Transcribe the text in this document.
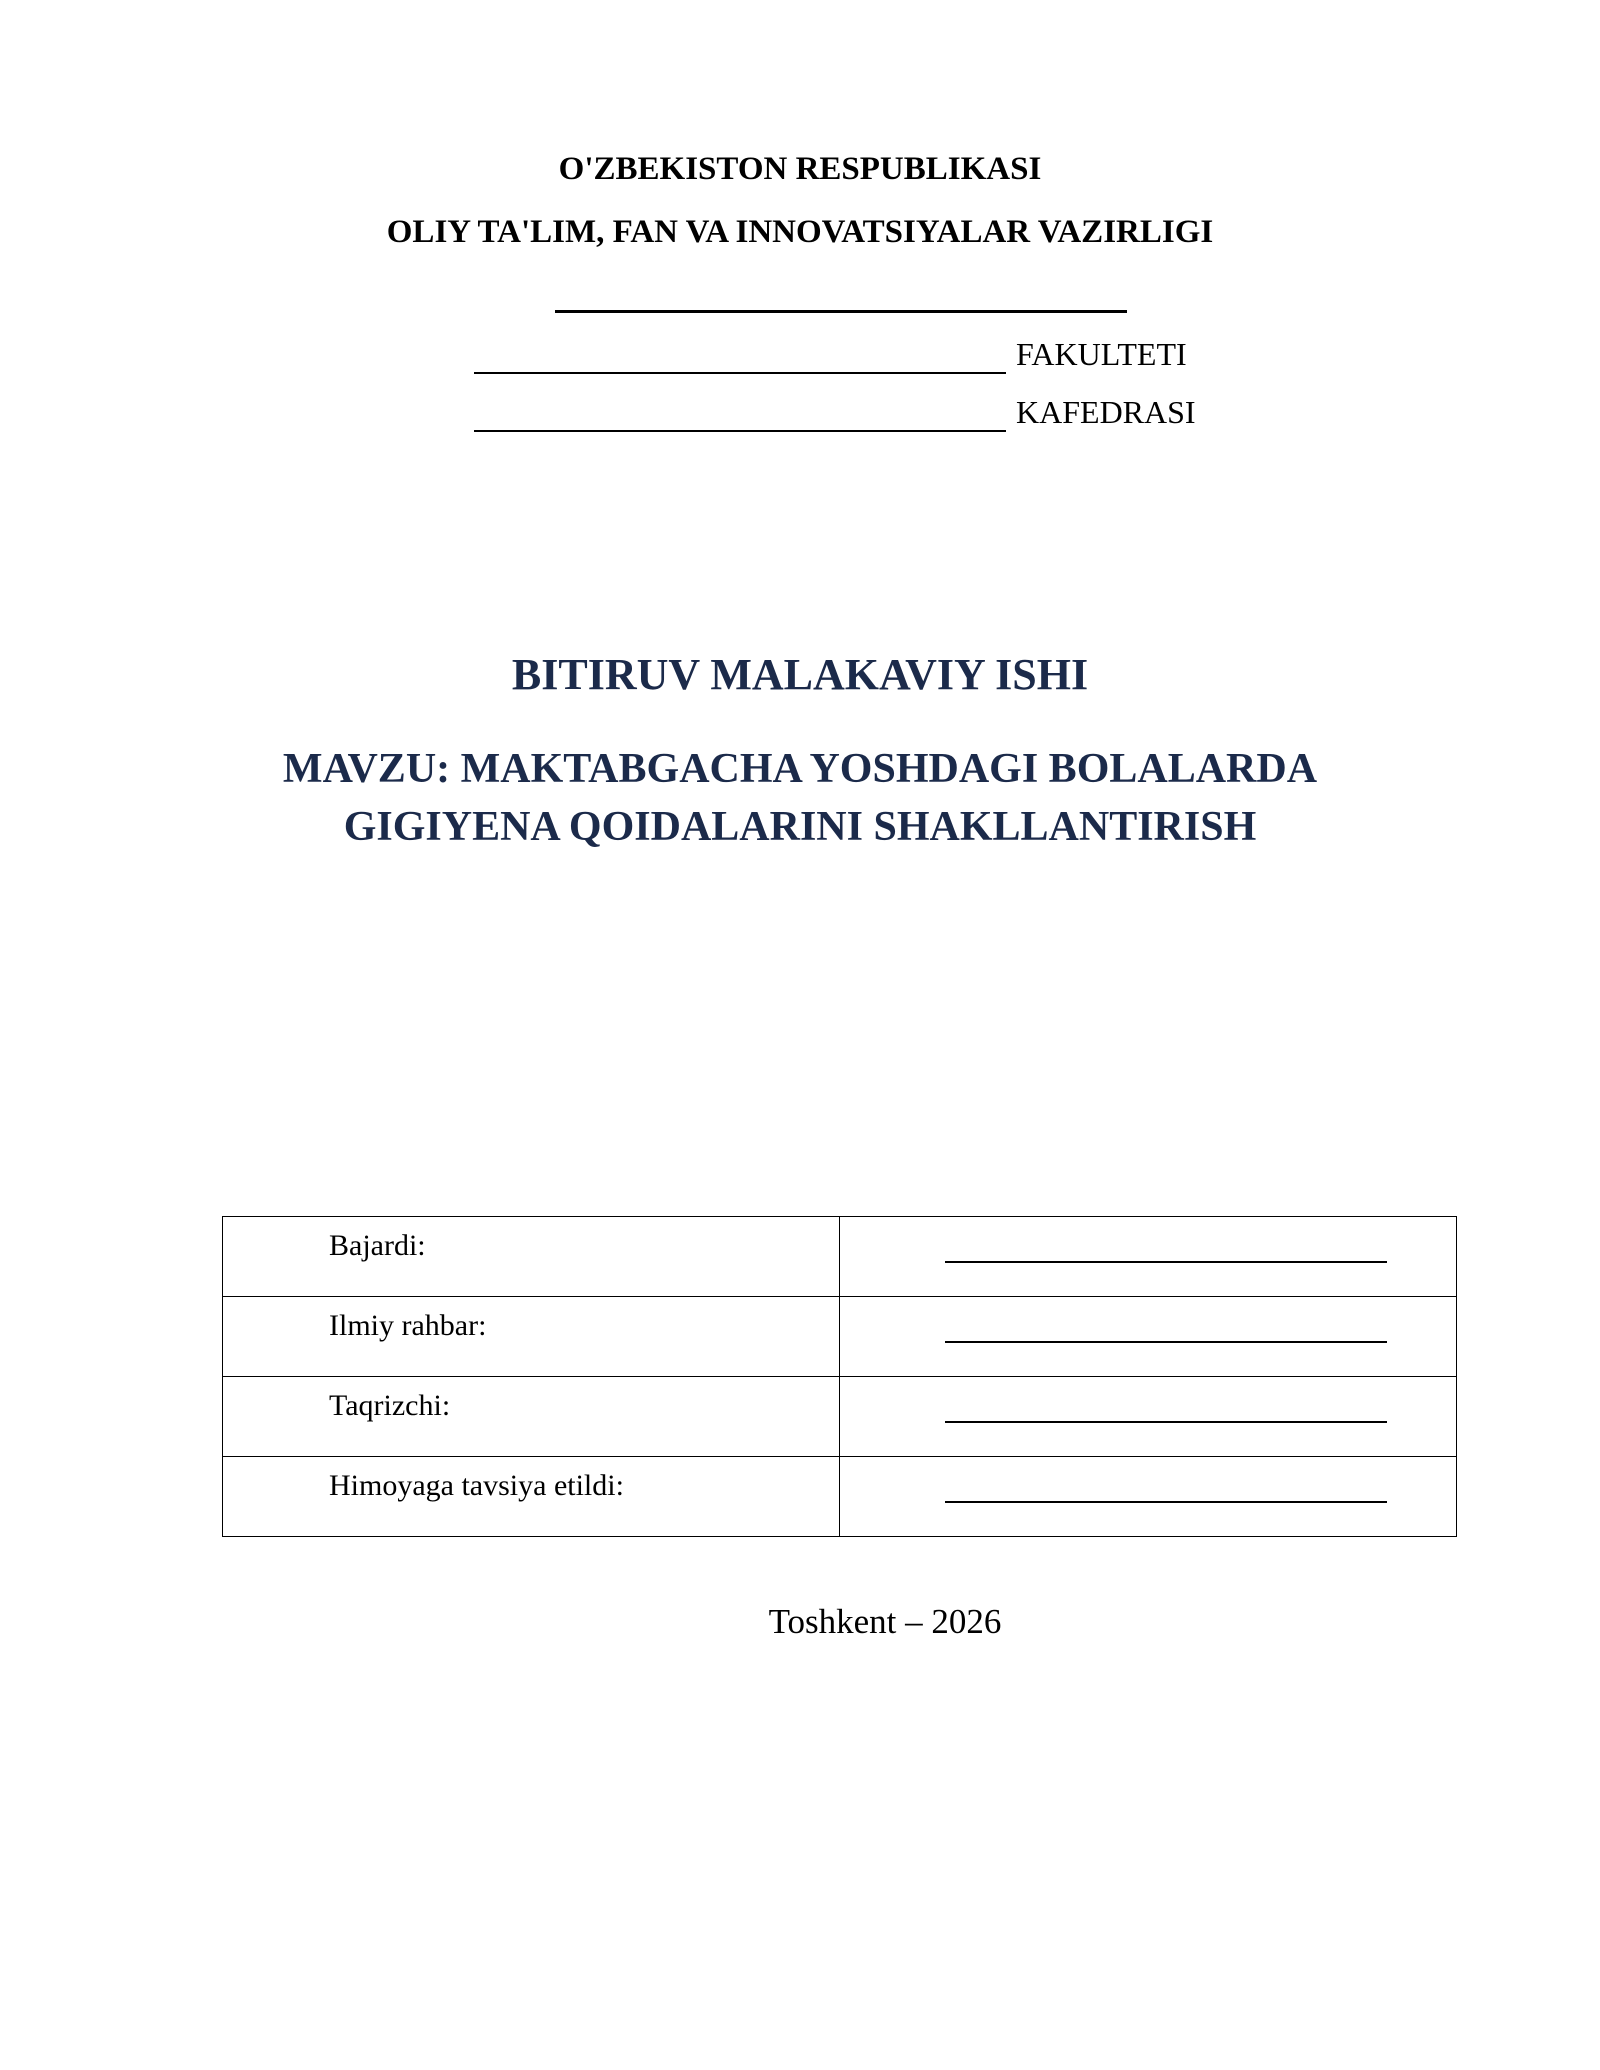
O'ZBEKISTON RESPUBLIKASI
OLIY TA'LIM, FAN VA INNOVATSIYALAR VAZIRLIGI
FAKULTETI
KAFEDRASI
BITIRUV MALAKAVIY ISHI
MAVZU: MAKTABGACHA YOSHDAGI BOLALARDA
GIGIYENA QOIDALARINI SHAKLLANTIRISH
Bajardi:	

Ilmiy rahbar:	

Taqrizchi:	

Himoyaga tavsiya etildi:	
Toshkent – 2026
